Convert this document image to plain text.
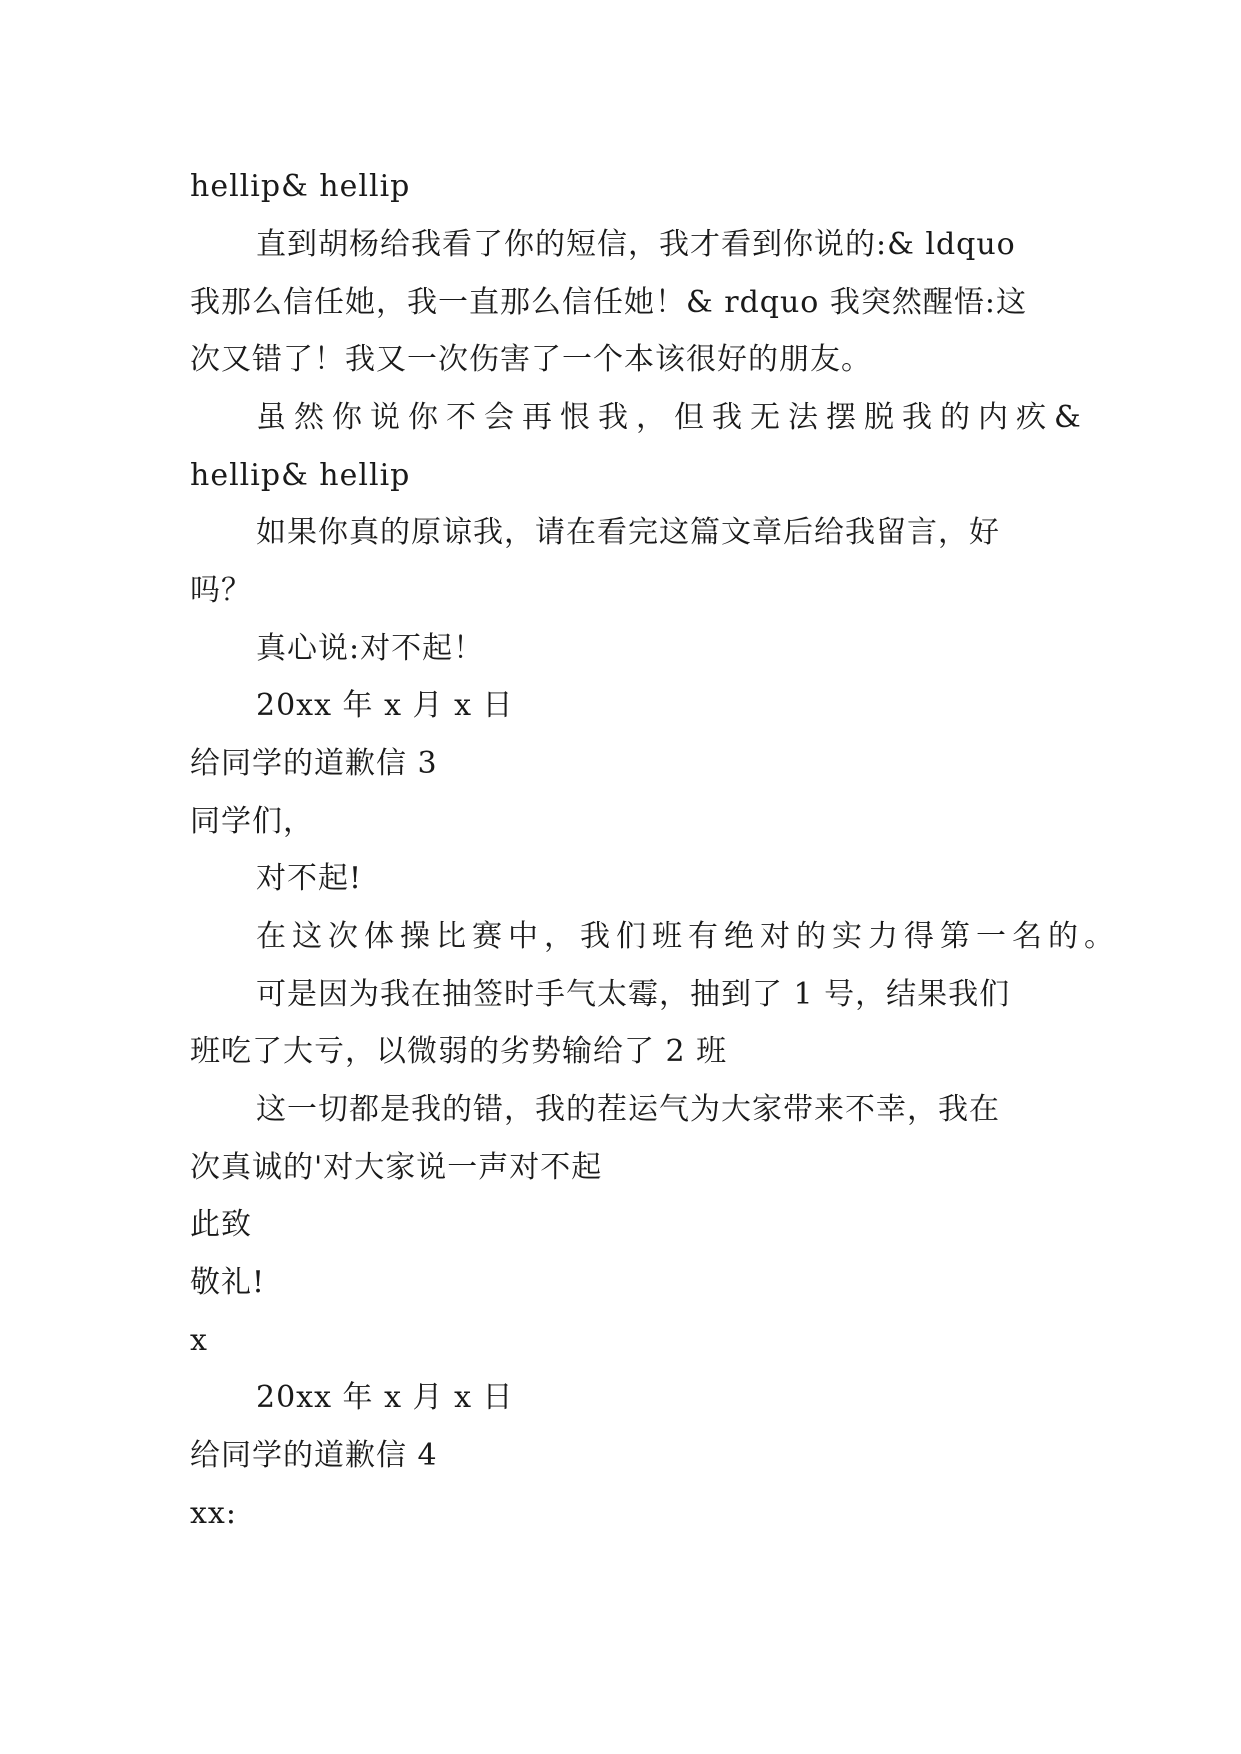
hellip& hellip
直到胡杨给我看了你的短信，我才看到你说的:& ldquo
我那么信任她，我一直那么信任她！& rdquo 我突然醒悟:这
次又错了！我又一次伤害了一个本该很好的朋友。
虽然你说你不会再恨我，但我无法摆脱我的内疚&
hellip& hellip
如果你真的原谅我，请在看完这篇文章后给我留言，好
吗？
真心说:对不起！
20xx 年 x 月 x 日
给同学的道歉信 3
同学们，
对不起!
在这次体操比赛中，我们班有绝对的实力得第一名的。
可是因为我在抽签时手气太霉，抽到了 1 号，结果我们
班吃了大亏，以微弱的劣势输给了 2 班
这一切都是我的错，我的茬运气为大家带来不幸，我在
次真诚的'对大家说一声对不起
此致
敬礼!
x
20xx 年 x 月 x 日
给同学的道歉信 4
xx:
